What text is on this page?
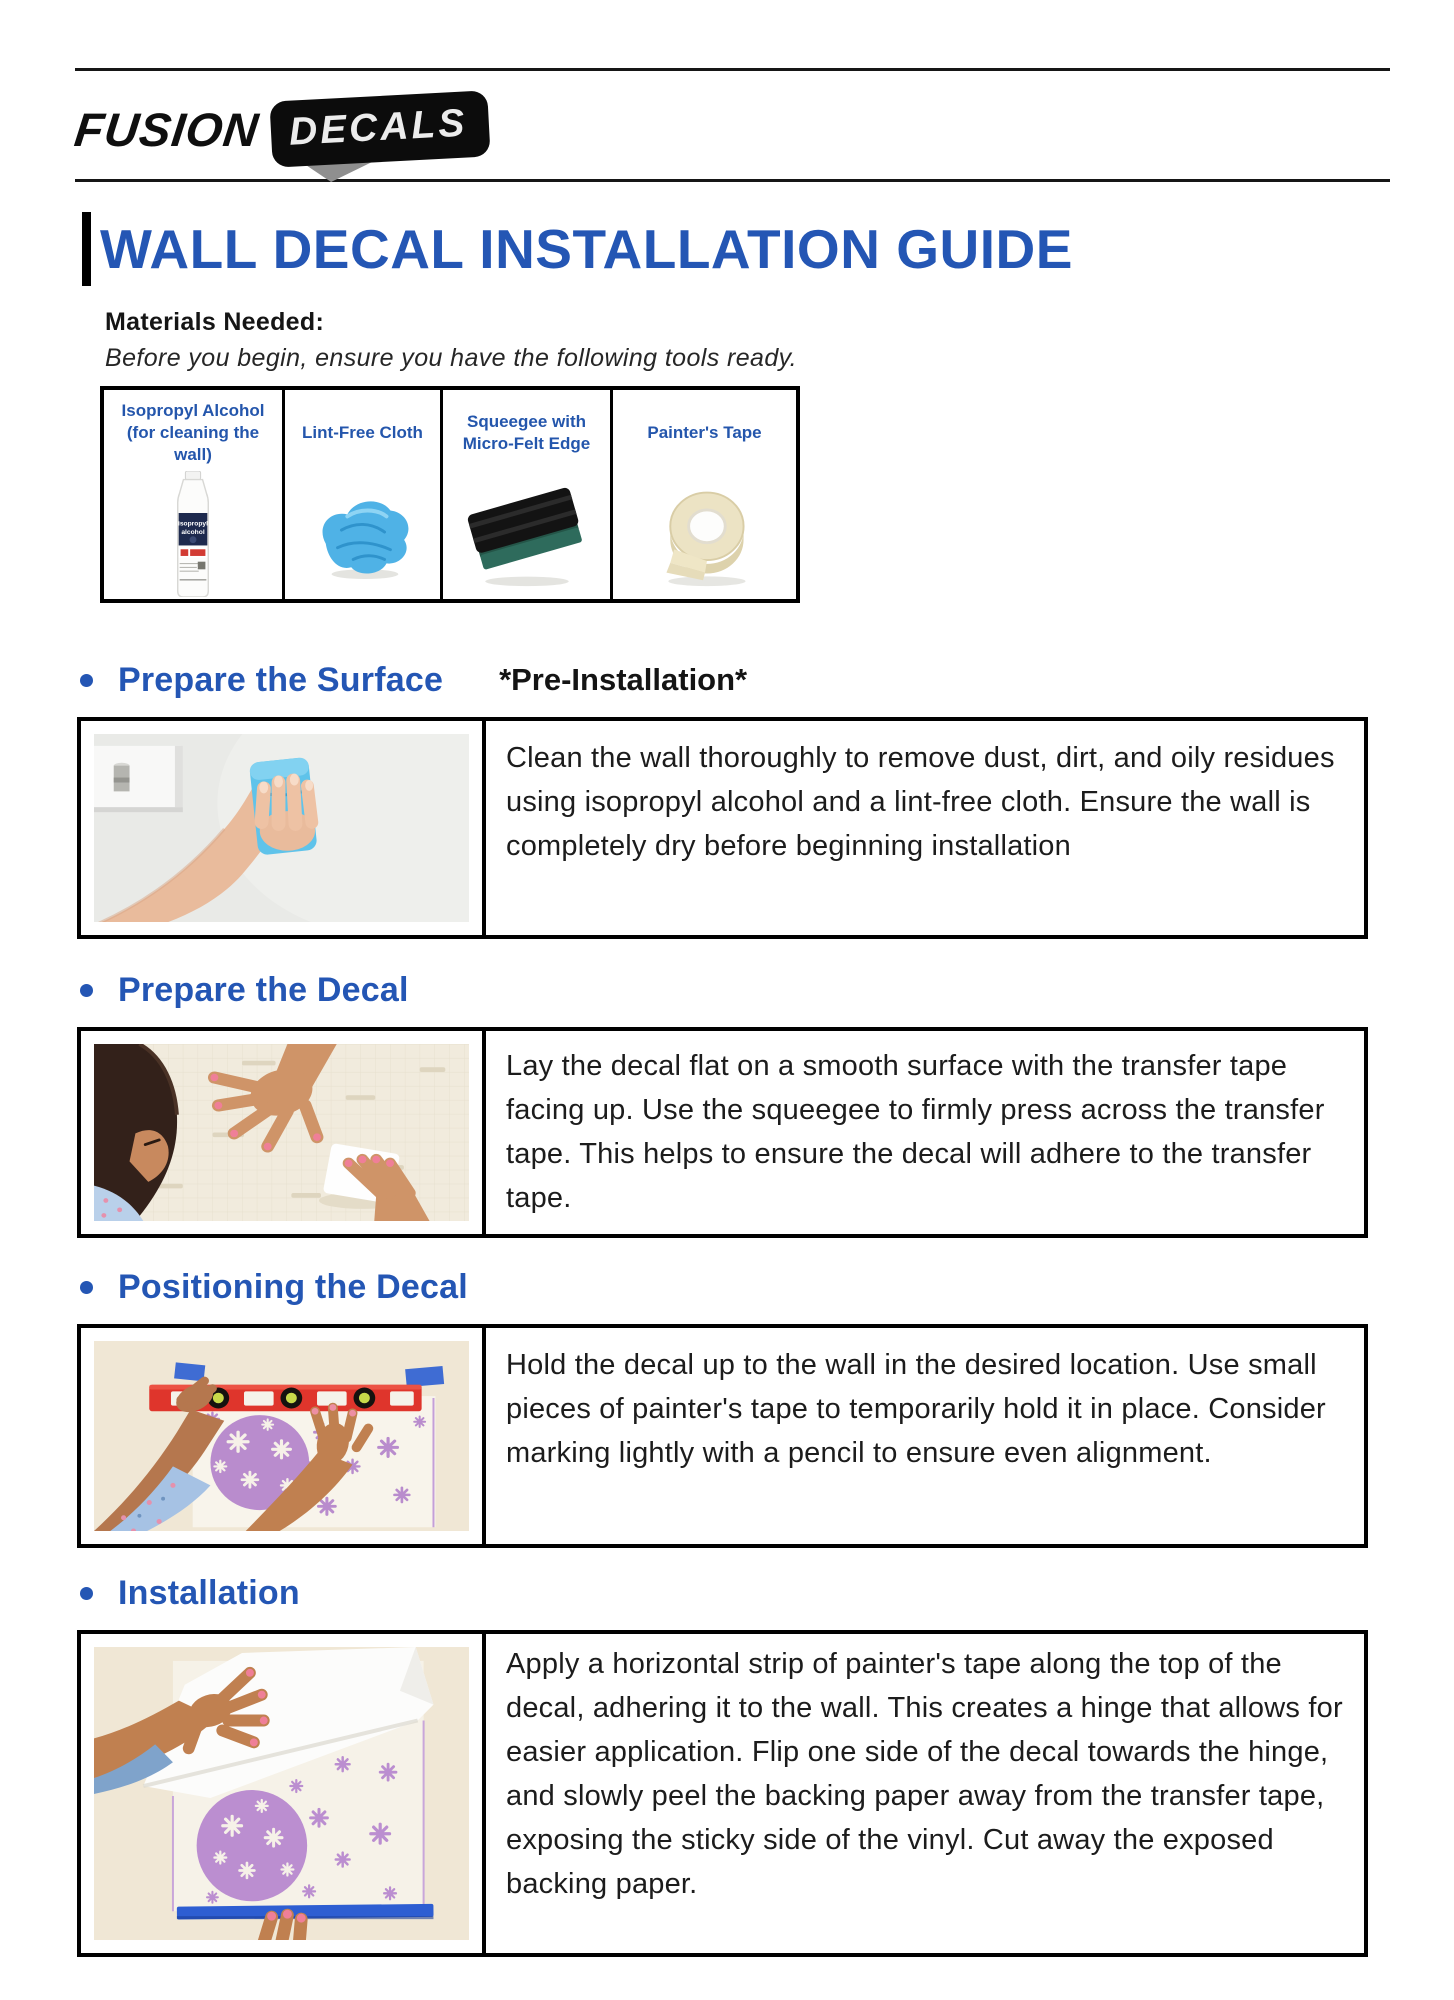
FUSION DECALS
WALL DECAL INSTALLATION GUIDE
Materials Needed:
Before you begin, ensure you have the following tools ready.
Isopropyl Alcohol (for cleaning the wall)
isopropyl
alcohol
Lint-Free Cloth
Squeegee with Micro-Felt Edge
Painter's Tape
Prepare the Surface *Pre-Installation*
Clean the wall thoroughly to remove dust, dirt, and oily residues using isopropyl alcohol and a lint-free cloth. Ensure the wall is completely dry before beginning installation
Prepare the Decal
Lay the decal flat on a smooth surface with the transfer tape facing up. Use the squeegee to firmly press across the transfer tape. This helps to ensure the decal will adhere to the transfer tape.
Positioning the Decal
Hold the decal up to the wall in the desired location. Use small pieces of painter's tape to temporarily hold it in place. Consider marking lightly with a pencil to ensure even alignment.
Installation
Apply a horizontal strip of painter's tape along the top of the decal, adhering it to the wall. This creates a hinge that allows for easier application. Flip one side of the decal towards the hinge, and slowly peel the backing paper away from the transfer tape, exposing the sticky side of the vinyl. Cut away the exposed backing paper.
